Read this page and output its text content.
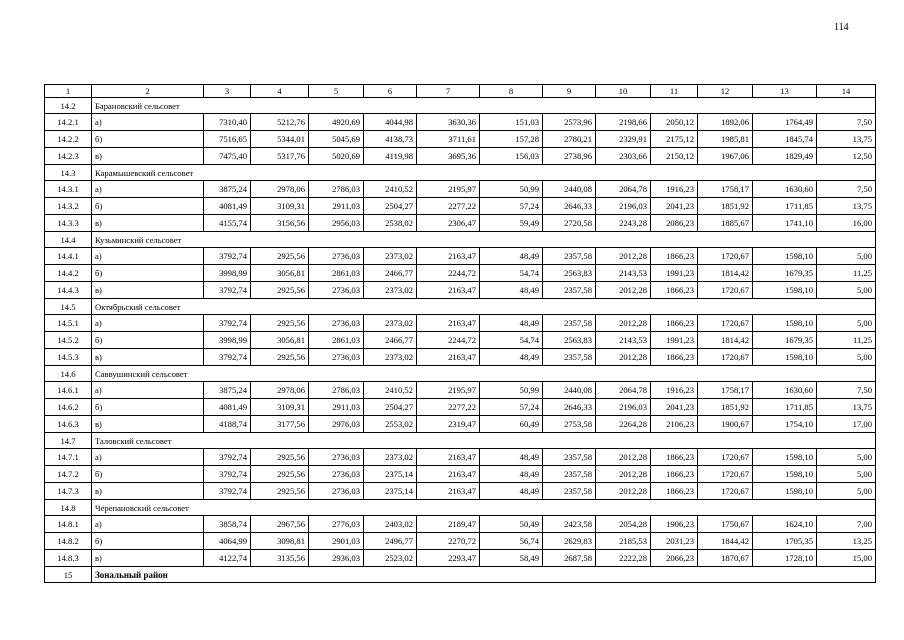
114
1	2	3	4	5	6	7	8	9	10	11	12	13	14
14.2	Барановский сельсовет												
14.2.1	а)	7310,40	5212,76	4920,69	4044,98	3630,36	151,03	2573,96	2198,66	2050,12	1892,06	1764,49	7,50
14.2.2	б)	7516,65	5344,01	5045,69	4138,73	3711,61	157,28	2780,21	2329,91	2175,12	1985,81	1845,74	13,75
14.2.3	в)	7475,40	5317,76	5020,69	4119,98	3695,36	156,03	2738,96	2303,66	2150,12	1967,06	1829,49	12,50
14.3	Карамышевский сельсовет												
14.3.1	а)	3875,24	2978,06	2786,03	2410,52	2195,97	50,99	2440,08	2064,78	1916,23	1758,17	1630,60	7,50
14.3.2	б)	4081,49	3109,31	2911,03	2504,27	2277,22	57,24	2646,33	2196,03	2041,23	1851,92	1711,85	13,75
14.3.3	в)	4155,74	3156,56	2956,03	2538,02	2306,47	59,49	2720,58	2243,28	2086,23	1885,67	1741,10	16,00
14.4	Кузьминский сельсовет												
14.4.1	а)	3792,74	2925,56	2736,03	2373,02	2163,47	48,49	2357,58	2012,28	1866,23	1720,67	1598,10	5,00
14.4.2	б)	3998,99	3056,81	2861,03	2466,77	2244,72	54,74	2563,83	2143,53	1991,23	1814,42	1679,35	11,25
14.4.3	в)	3792,74	2925,56	2736,03	2373,02	2163,47	48,49	2357,58	2012,28	1866,23	1720,67	1598,10	5,00
14.5	Октябрьский сельсовет												
14.5.1	а)	3792,74	2925,56	2736,03	2373,02	2163,47	48,49	2357,58	2012,28	1866,23	1720,67	1598,10	5,00
14.5.2	б)	3998,99	3056,81	2861,03	2466,77	2244,72	54,74	2563,83	2143,53	1991,23	1814,42	1679,35	11,25
14.5.3	в)	3792,74	2925,56	2736,03	2373,02	2163,47	48,49	2357,58	2012,28	1866,23	1720,67	1598,10	5,00
14.6	Саввушинский сельсовет												
14.6.1	а)	3875,24	2978,06	2786,03	2410,52	2195,97	50,99	2440,08	2064,78	1916,23	1758,17	1630,60	7,50
14.6.2	б)	4081,49	3109,31	2911,03	2504,27	2277,22	57,24	2646,33	2196,03	2041,23	1851,92	1711,85	13,75
14.6.3	в)	4188,74	3177,56	2976,03	2553,02	2319,47	60,49	2753,58	2264,28	2106,23	1900,67	1754,10	17,00
14.7	Таловский сельсовет												
14.7.1	а)	3792,74	2925,56	2736,03	2373,02	2163,47	48,49	2357,58	2012,28	1866,23	1720,67	1598,10	5,00
14.7.2	б)	3792,74	2925,56	2736,03	2375,14	2163,47	48,49	2357,58	2012,28	1866,23	1720,67	1598,10	5,00
14.7.3	в)	3792,74	2925,56	2736,03	2375,14	2163,47	48,49	2357,58	2012,28	1866,23	1720,67	1598,10	5,00
14.8	Черепановский сельсовет												
14.8.1	а)	3858,74	2967,56	2776,03	2403,02	2189,47	50,49	2423,58	2054,28	1906,23	1750,67	1624,10	7,00
14.8.2	б)	4064,99	3098,81	2901,03	2496,77	2270,72	56,74	2629,83	2185,53	2031,23	1844,42	1705,35	13,25
14.8.3	в)	4122,74	3135,56	2936,03	2523,02	2293,47	58,49	2687,58	2222,28	2066,23	1870,67	1728,10	15,00
15	Зональный район												
